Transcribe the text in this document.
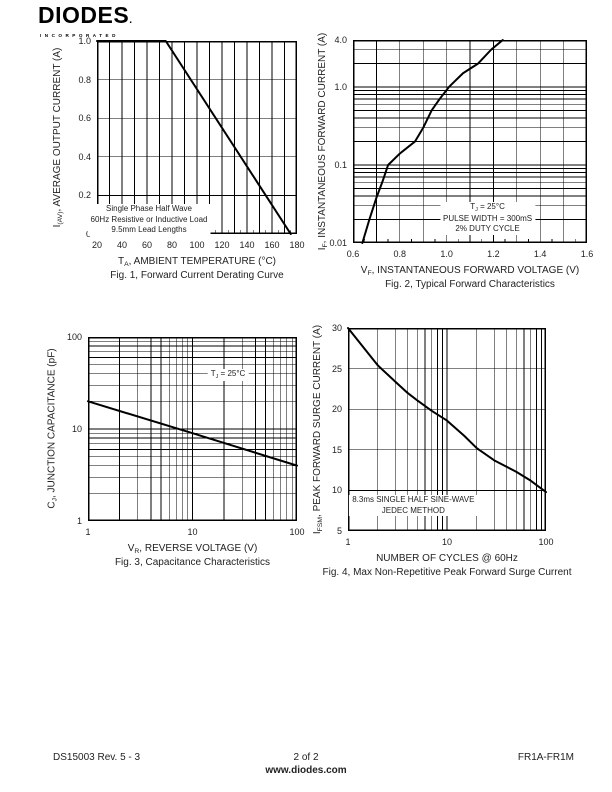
DIODES.
INCORPORATED
Single Phase Half Wave
60Hz Resistive or Inductive Load
9.5mm Lead Lengths
20	40	60	80	100	120	140	160	180
0.2
0.4
0.6
0.8
1.0
$T_A$, AMBIENT TEMPERATURE (°C)
Fig. 1, Forward Current Derating Curve
$I_{(AV)}$, AVERAGE OUTPUT CURRENT (A)	$T_J = 25^\circ C$
PULSE WIDTH = 300mS
2% DUTY CYCLE
0.6	0.8	1.0	1.2	1.4	1.6
0.01
0.1
1.0
4.0
$V_F$, INSTANTANEOUS FORWARD VOLTAGE (V)
Fig. 2, Typical Forward Characteristics
$I_F$, INSTANTANEOUS FORWARD CURRENT (A)
$T_J = 25^\circ C$
1	10	100
1
10
100
$V_R$, REVERSE VOLTAGE (V)
Fig. 3, Capacitance Characteristics
$C_J$, JUNCTION CAPACITANCE (pF)
8.3ms SINGLE HALF SINE-WAVE
JEDEC METHOD
1	10	100
5
10
15
20
25
30
NUMBER OF CYCLES @ 60Hz
Fig. 4, Max Non-Repetitive Peak Forward Surge Current
$I_{FSM}$, PEAK FORWARD SURGE CURRENT (A)
DS15003 Rev. 5 - 3	2 of 2	FR1A-FR1M
www.diodes.com
